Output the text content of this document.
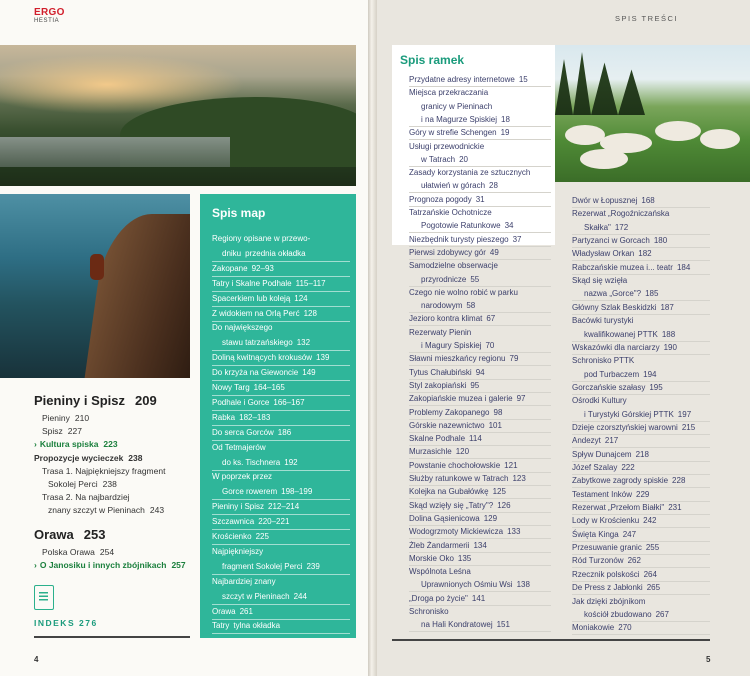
ERGO
HESTIA
Pieniny i Spisz 209
Pieniny 210
Spisz 227
› Kultura spiska 223
Propozycje wycieczek 238
Trasa 1. Najpiękniejszy fragment
Sokolej Perci 238
Trasa 2. Na najbardziej
znany szczyt w Pieninach 243
Orawa 253
Polska Orawa 254
› O Janosiku i innych zbójnikach 257
INDEKS 276
4
Spis map
Regiony opisane w przewo-
dniku przednia okładka
Zakopane 92–93
Tatry i Skalne Podhale 115–117
Spacerkiem lub koleją 124
Z widokiem na Orlą Perć 128
Do największego
stawu tatrzańskiego 132
Doliną kwitnących krokusów 139
Do krzyża na Giewoncie 149
Nowy Targ 164–165
Podhale i Gorce 166–167
Rabka 182–183
Do serca Gorców 186
Od Tetmajerów
do ks. Tischnera 192
W poprzek przez
Gorce rowerem 198–199
Pieniny i Spisz 212–214
Szczawnica 220–221
Krościenko 225
Najpiękniejszy
fragment Sokolej Perci 239
Najbardziej znany
szczyt w Pieninach 244
Orawa 261
Tatry tylna okładka
SPIS TREŚCI
Spis ramek
Przydatne adresy internetowe 15
Miejsca przekraczania
granicy w Pieninach
i na Magurze Spiskiej 18
Góry w strefie Schengen 19
Usługi przewodnickie
w Tatrach 20
Zasady korzystania ze sztucznych
ułatwień w górach 28
Prognoza pogody 31
Tatrzańskie Ochotnicze
Pogotowie Ratunkowe 34
Niezbędnik turysty pieszego 37
Pierwsi zdobywcy gór 49
Samodzielne obserwacje
przyrodnicze 55
Czego nie wolno robić w parku
narodowym 58
Jezioro kontra klimat 67
Rezerwaty Pienin
i Magury Spiskiej 70
Sławni mieszkańcy regionu 79
Tytus Chałubiński 94
Styl zakopiański 95
Zakopiańskie muzea i galerie 97
Problemy Zakopanego 98
Górskie nazewnictwo 101
Skalne Podhale 114
Murzasichle 120
Powstanie chochołowskie 121
Służby ratunkowe w Tatrach 123
Kolejka na Gubałówkę 125
Skąd wzięły się „Tatry"? 126
Dolina Gąsienicowa 129
Wodogrzmoty Mickiewicza 133
Żleb Żandarmerii 134
Morskie Oko 135
Wspólnota Leśna
Uprawnionych Ośmiu Wsi 138
„Droga po życie" 141
Schronisko
na Hali Kondratowej 151
Dwór w Łopusznej 168
Rezerwat „Rogoźniczańska
Skałka" 172
Partyzanci w Gorcach 180
Władysław Orkan 182
Rabczańskie muzea i... teatr 184
Skąd się wzięła
nazwa „Gorce"? 185
Główny Szlak Beskidzki 187
Bacówki turystyki
kwalifikowanej PTTK 188
Wskazówki dla narciarzy 190
Schronisko PTTK
pod Turbaczem 194
Gorczańskie szałasy 195
Ośrodki Kultury
i Turystyki Górskiej PTTK 197
Dzieje czorsztyńskiej warowni 215
Andezyt 217
Spływ Dunajcem 218
Józef Szalay 222
Zabytkowe zagrody spiskie 228
Testament Inków 229
Rezerwat „Przełom Białki" 231
Lody w Krościenku 242
Święta Kinga 247
Przesuwanie granic 255
Ród Turzonów 262
Rzecznik polskości 264
De Press z Jabłonki 265
Jak dzięki zbójnikom
kościół zbudowano 267
Moniakowie 270
5
